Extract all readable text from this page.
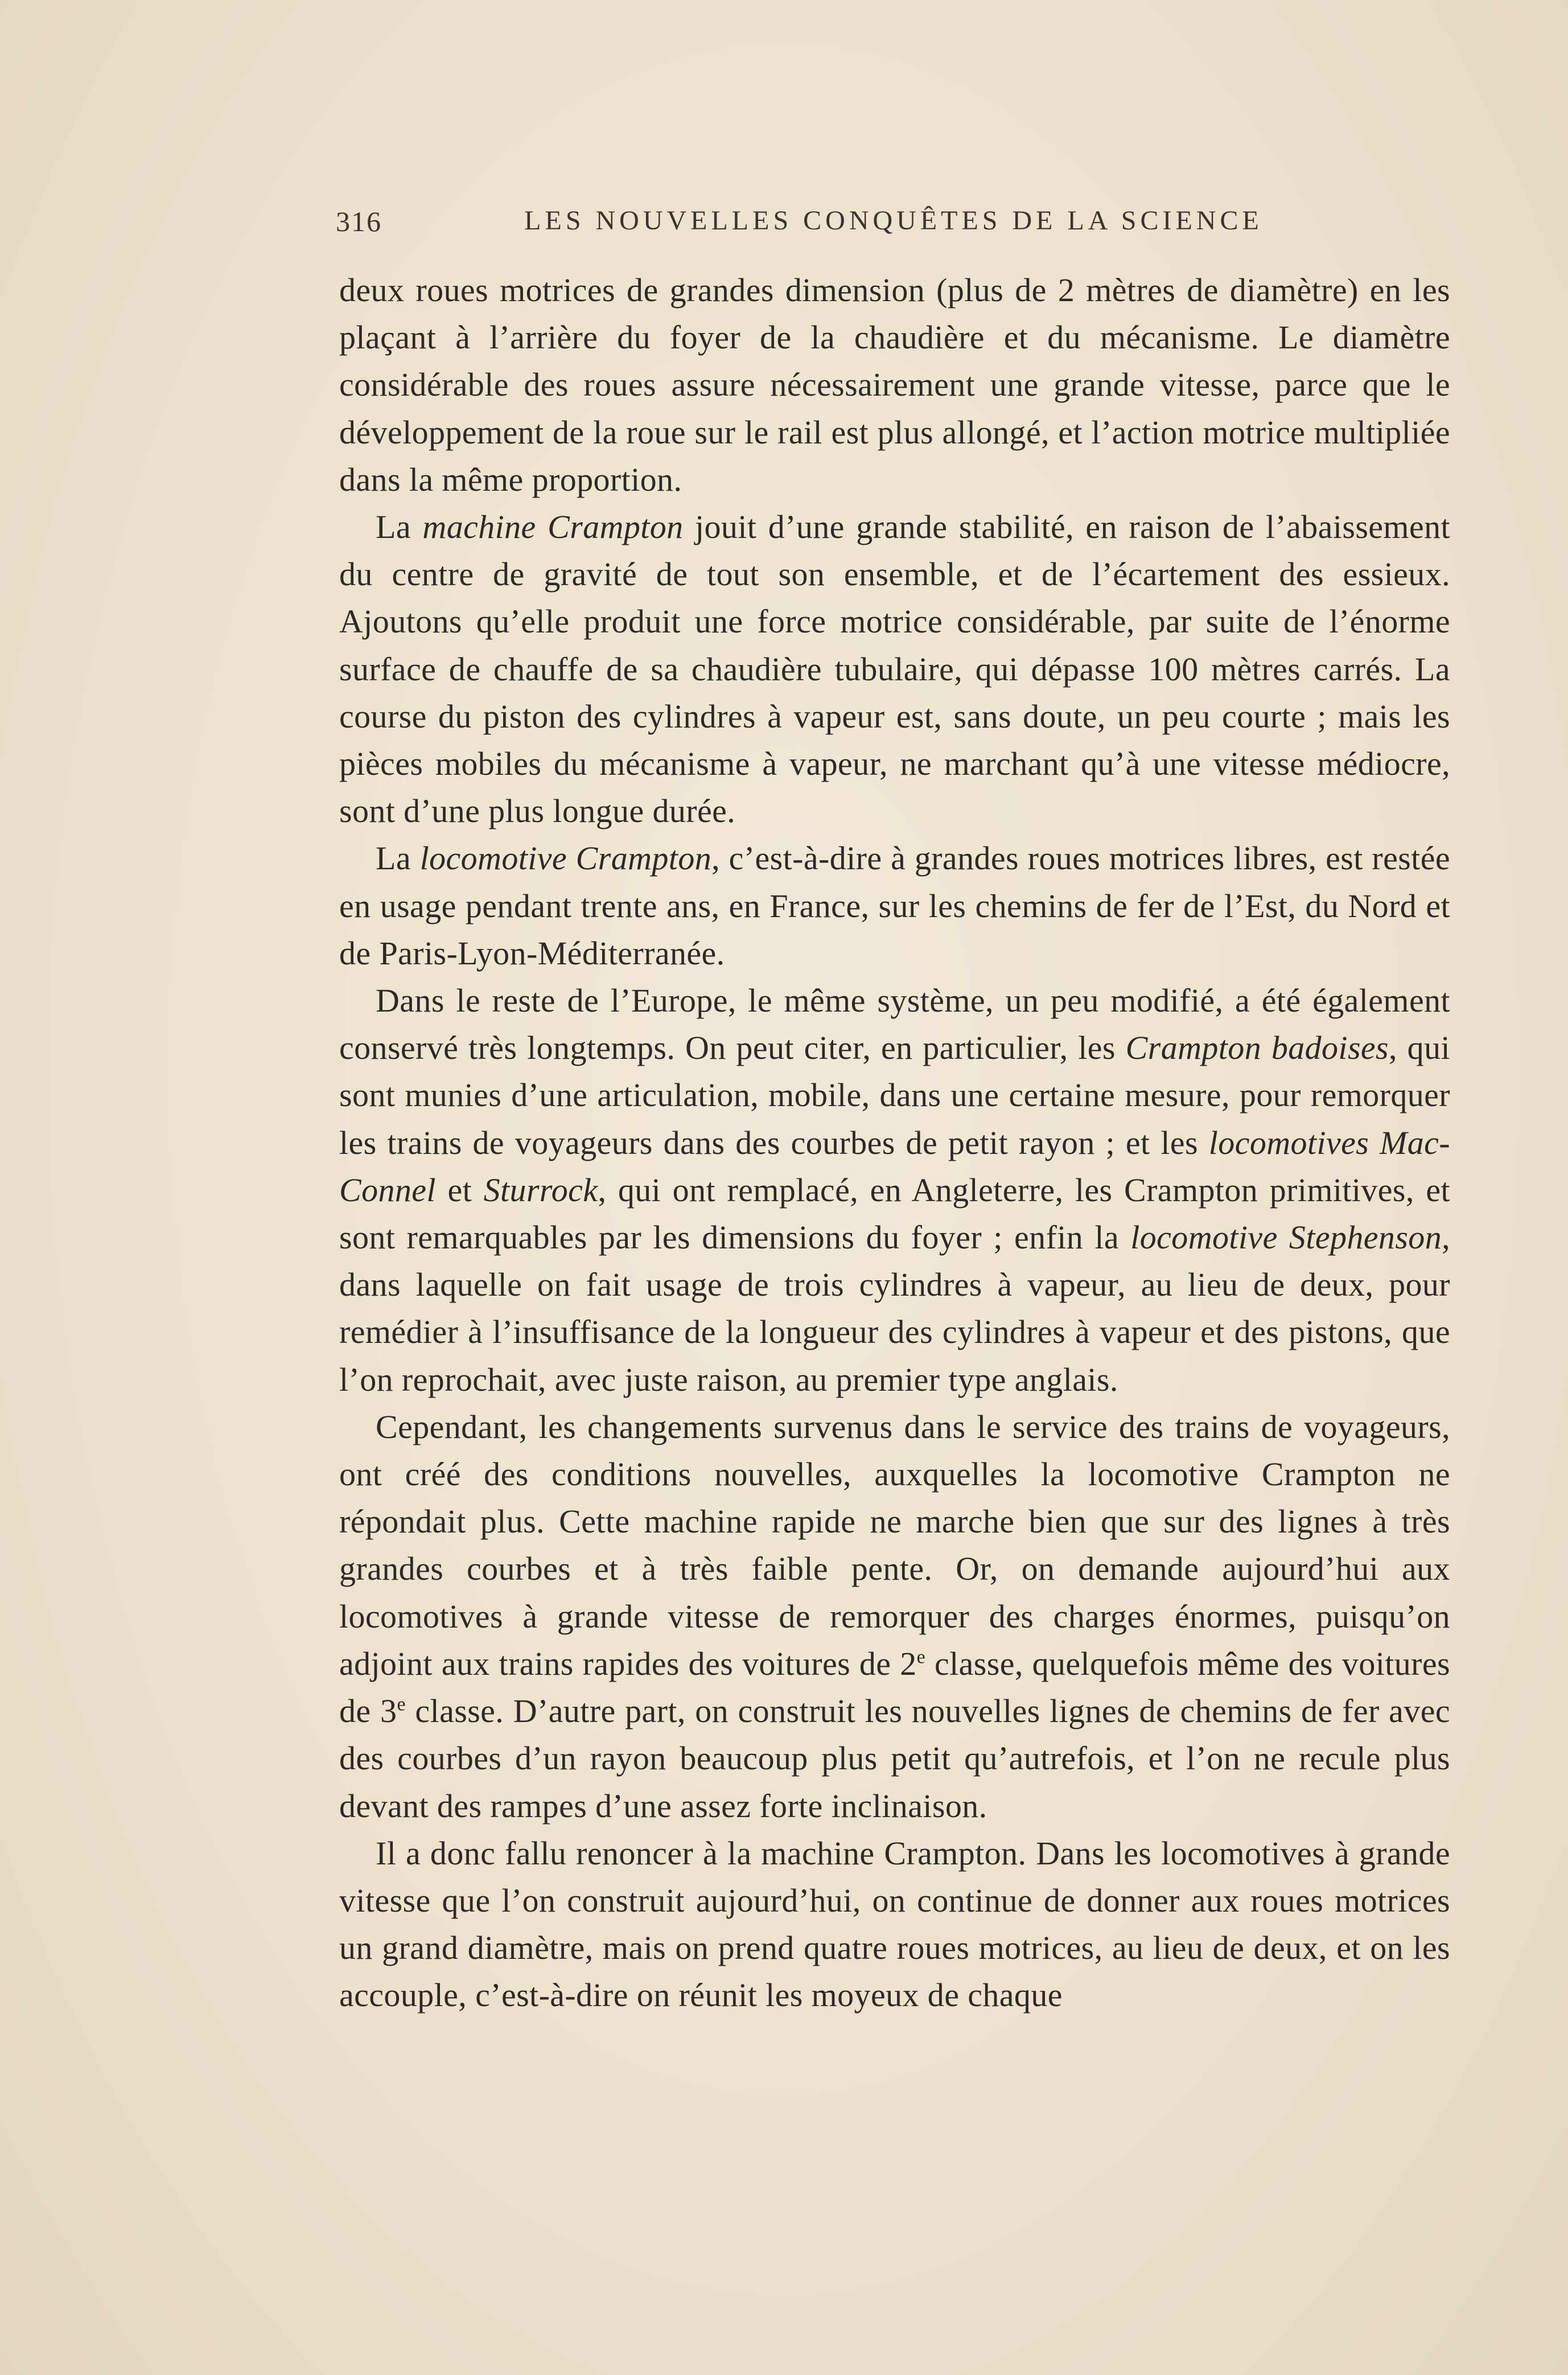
316	LES NOUVELLES CONQUÊTES DE LA SCIENCE

deux roues motrices de grandes dimension (plus de 2 mètres de diamètre) en les plaçant à l’arrière du foyer de la chaudière et du mécanisme. Le diamètre considérable des roues assure nécessairement une grande vitesse, parce que le développement de la roue sur le rail est plus allongé, et l’action motrice multipliée dans la même proportion.

La machine Crampton jouit d’une grande stabilité, en raison de l’abaissement du centre de gravité de tout son ensemble, et de l’écartement des essieux. Ajoutons qu’elle produit une force motrice considérable, par suite de l’énorme surface de chauffe de sa chaudière tubulaire, qui dépasse 100 mètres carrés. La course du piston des cylindres à vapeur est, sans doute, un peu courte ; mais les pièces mobiles du mécanisme à vapeur, ne marchant qu’à une vitesse médiocre, sont d’une plus longue durée.

La locomotive Crampton, c’est-à-dire à grandes roues motrices libres, est restée en usage pendant trente ans, en France, sur les chemins de fer de l’Est, du Nord et de Paris-Lyon-Méditerranée.

Dans le reste de l’Europe, le même système, un peu modifié, a été également conservé très longtemps. On peut citer, en particulier, les Crampton badoises, qui sont munies d’une articulation, mobile, dans une certaine mesure, pour remorquer les trains de voyageurs dans des courbes de petit rayon ; et les locomotives Mac-Connel et Sturrock, qui ont remplacé, en Angleterre, les Crampton primitives, et sont remarquables par les dimensions du foyer ; enfin la locomotive Stephenson, dans laquelle on fait usage de trois cylindres à vapeur, au lieu de deux, pour remédier à l’insuffisance de la longueur des cylindres à vapeur et des pistons, que l’on reprochait, avec juste raison, au premier type anglais.

Cependant, les changements survenus dans le service des trains de voyageurs, ont créé des conditions nouvelles, auxquelles la locomotive Crampton ne répondait plus. Cette machine rapide ne marche bien que sur des lignes à très grandes courbes et à très faible pente. Or, on demande aujourd’hui aux locomotives à grande vitesse de remorquer des charges énormes, puisqu’on adjoint aux trains rapides des voitures de 2e classe, quelquefois même des voitures de 3e classe. D’autre part, on construit les nouvelles lignes de chemins de fer avec des courbes d’un rayon beaucoup plus petit qu’autrefois, et l’on ne recule plus devant des rampes d’une assez forte inclinaison.

Il a donc fallu renoncer à la machine Crampton. Dans les locomotives à grande vitesse que l’on construit aujourd’hui, on continue de donner aux roues motrices un grand diamètre, mais on prend quatre roues motrices, au lieu de deux, et on les accouple, c’est-à-dire on réunit les moyeux de chaque
